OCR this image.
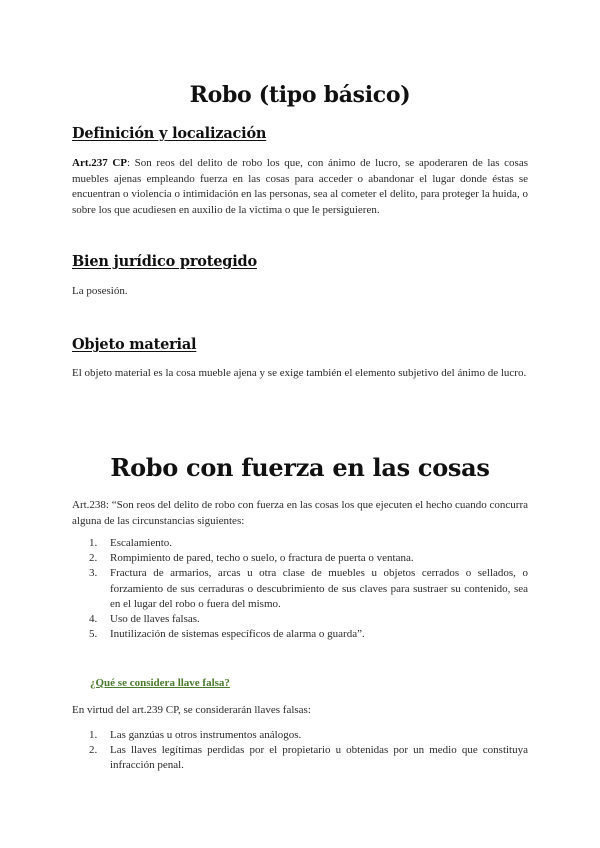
Robo (tipo básico)
Definición y localización

Art.237 CP: Son reos del delito de robo los que, con ánimo de lucro, se apoderaren de las cosas muebles ajenas empleando fuerza en las cosas para acceder o abandonar el lugar donde éstas se encuentran o violencia o intimidación en las personas, sea al cometer el delito, para proteger la huida, o sobre los que acudiesen en auxilio de la victima o que le persiguieren.

Bien jurídico protegido

La posesión.

Objeto material

El objeto material es la cosa mueble ajena y se exige también el elemento subjetivo del ánimo de lucro.

Robo con fuerza en las cosas

Art.238: “Son reos del delito de robo con fuerza en las cosas los que ejecuten el hecho cuando concurra alguna de las circunstancias siguientes:

1. Escalamiento.
2. Rompimiento de pared, techo o suelo, o fractura de puerta o ventana.
3. Fractura de armarios, arcas u otra clase de muebles u objetos cerrados o sellados, o forzamiento de sus cerraduras o descubrimiento de sus claves para sustraer su contenido, sea en el lugar del robo o fuera del mismo.
4. Uso de llaves falsas.
5. Inutilización de sistemas específicos de alarma o guarda”.
¿Qué se considera llave falsa?

En virtud del art.239 CP, se considerarán llaves falsas:

1. Las ganzúas u otros instrumentos análogos.
2. Las llaves legítimas perdidas por el propietario u obtenidas por un medio que constituya infracción penal.
